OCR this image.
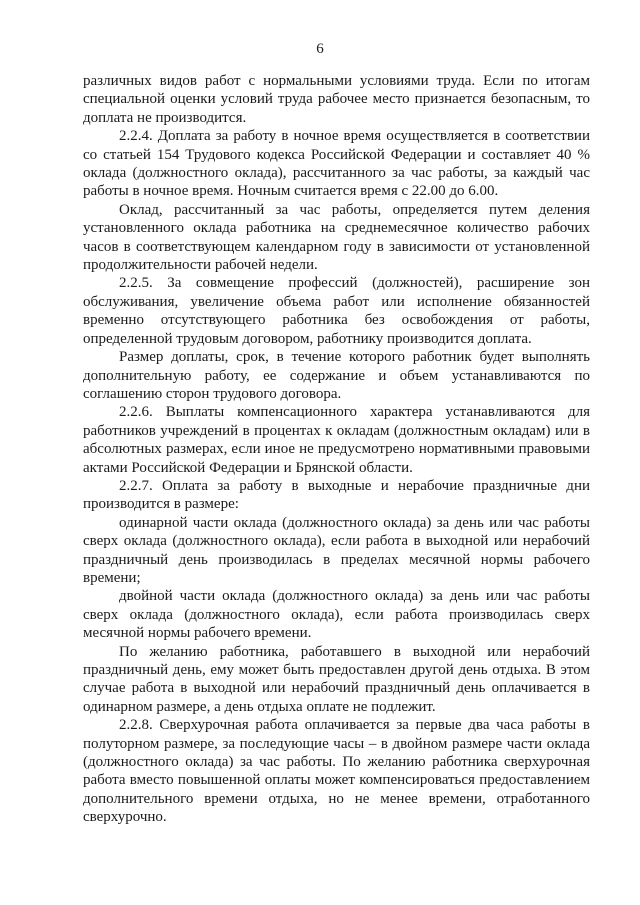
6

различных видов работ с нормальными условиями труда. Если по итогам специальной оценки условий труда рабочее место признается безопасным, то доплата не производится.

2.2.4. Доплата за работу в ночное время осуществляется в соответствии со статьей 154 Трудового кодекса Российской Федерации и составляет 40 % оклада (должностного оклада), рассчитанного за час работы, за каждый час работы в ночное время. Ночным считается время с 22.00 до 6.00.

Оклад, рассчитанный за час работы, определяется путем деления установленного оклада работника на среднемесячное количество рабочих часов в соответствующем календарном году в зависимости от установленной продолжительности рабочей недели.

2.2.5. За совмещение профессий (должностей), расширение зон обслуживания, увеличение объема работ или исполнение обязанностей временно отсутствующего работника без освобождения от работы, определенной трудовым договором, работнику производится доплата.

Размер доплаты, срок, в течение которого работник будет выполнять дополнительную работу, ее содержание и объем устанавливаются по соглашению сторон трудового договора.

2.2.6. Выплаты компенсационного характера устанавливаются для работников учреждений в процентах к окладам (должностным окладам) или в абсолютных размерах, если иное не предусмотрено нормативными правовыми актами Российской Федерации и Брянской области.

2.2.7. Оплата за работу в выходные и нерабочие праздничные дни производится в размере:

одинарной части оклада (должностного оклада) за день или час работы сверх оклада (должностного оклада), если работа в выходной или нерабочий праздничный день производилась в пределах месячной нормы рабочего времени;

двойной части оклада (должностного оклада) за день или час работы сверх оклада (должностного оклада), если работа производилась сверх месячной нормы рабочего времени.

По желанию работника, работавшего в выходной или нерабочий праздничный день, ему может быть предоставлен другой день отдыха. В этом случае работа в выходной или нерабочий праздничный день оплачивается в одинарном размере, а день отдыха оплате не подлежит.

2.2.8. Сверхурочная работа оплачивается за первые два часа работы в полуторном размере, за последующие часы – в двойном размере части оклада (должностного оклада) за час работы. По желанию работника сверхурочная работа вместо повышенной оплаты может компенсироваться предоставлением дополнительного времени отдыха, но не менее времени, отработанного сверхурочно.
